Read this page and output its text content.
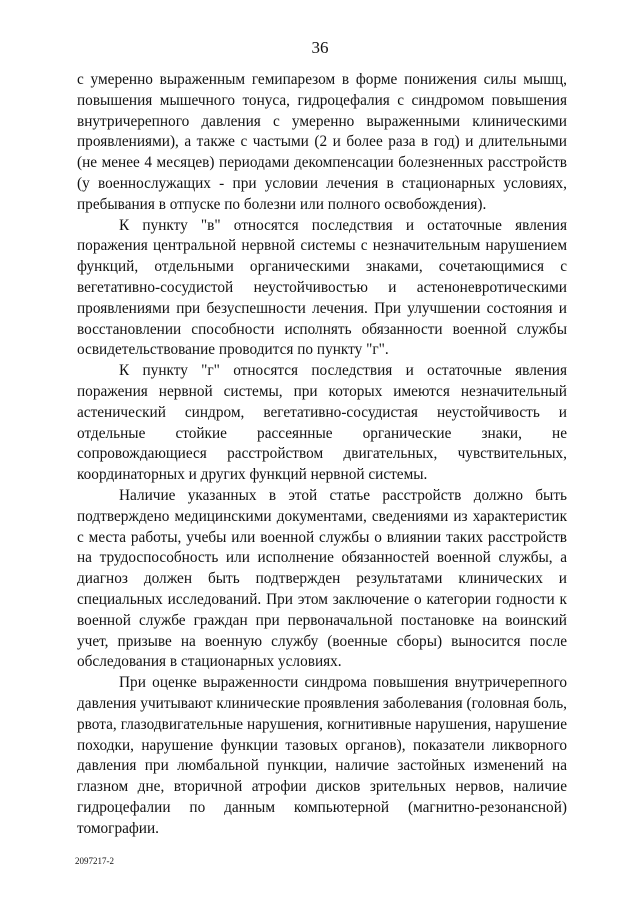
36

с умеренно выраженным гемипарезом в форме понижения силы мышц, повышения мышечного тонуса, гидроцефалия с синдромом повышения внутричерепного давления с умеренно выраженными клиническими проявлениями), а также с частыми (2 и более раза в год) и длительными (не менее 4 месяцев) периодами декомпенсации болезненных расстройств (у военнослужащих - при условии лечения в стационарных условиях, пребывания в отпуске по болезни или полного освобождения).

К пункту "в" относятся последствия и остаточные явления поражения центральной нервной системы с незначительным нарушением функций, отдельными органическими знаками, сочетающимися с вегетативно-сосудистой неустойчивостью и астеноневротическими проявлениями при безуспешности лечения. При улучшении состояния и восстановлении способности исполнять обязанности военной службы освидетельствование проводится по пункту "г".

К пункту "г" относятся последствия и остаточные явления поражения нервной системы, при которых имеются незначительный астенический синдром, вегетативно-сосудистая неустойчивость и отдельные стойкие рассеянные органические знаки, не сопровождающиеся расстройством двигательных, чувствительных, координаторных и других функций нервной системы.

Наличие указанных в этой статье расстройств должно быть подтверждено медицинскими документами, сведениями из характеристик с места работы, учебы или военной службы о влиянии таких расстройств на трудоспособность или исполнение обязанностей военной службы, а диагноз должен быть подтвержден результатами клинических и специальных исследований. При этом заключение о категории годности к военной службе граждан при первоначальной постановке на воинский учет, призыве на военную службу (военные сборы) выносится после обследования в стационарных условиях.

При оценке выраженности синдрома повышения внутричерепного давления учитывают клинические проявления заболевания (головная боль, рвота, глазодвигательные нарушения, когнитивные нарушения, нарушение походки, нарушение функции тазовых органов), показатели ликворного давления при люмбальной пункции, наличие застойных изменений на глазном дне, вторичной атрофии дисков зрительных нервов, наличие гидроцефалии по данным компьютерной (магнитно-резонансной) томографии.

2097217-2
